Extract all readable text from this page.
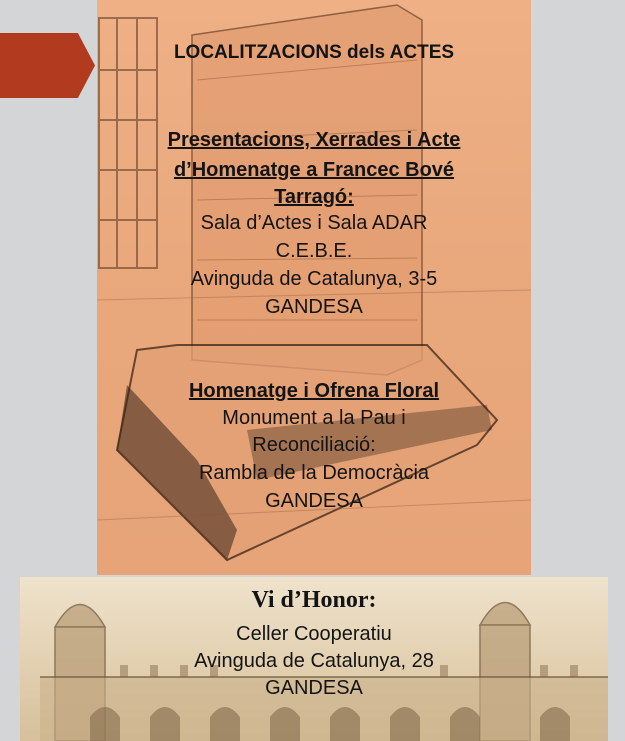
LOCALITZACIONS dels ACTES
Presentacions, Xerrades i Acte
d’Homenatge a Francec Bové
Tarragó:
Sala d’Actes i Sala ADAR
C.E.B.E.
Avinguda de Catalunya, 3-5
GANDESA
Homenatge i Ofrena Floral
Monument a la Pau i
Reconciliació:
Rambla de la Democràcia
GANDESA
Vi d’Honor:
Celler Cooperatiu
Avinguda de Catalunya, 28
GANDESA
